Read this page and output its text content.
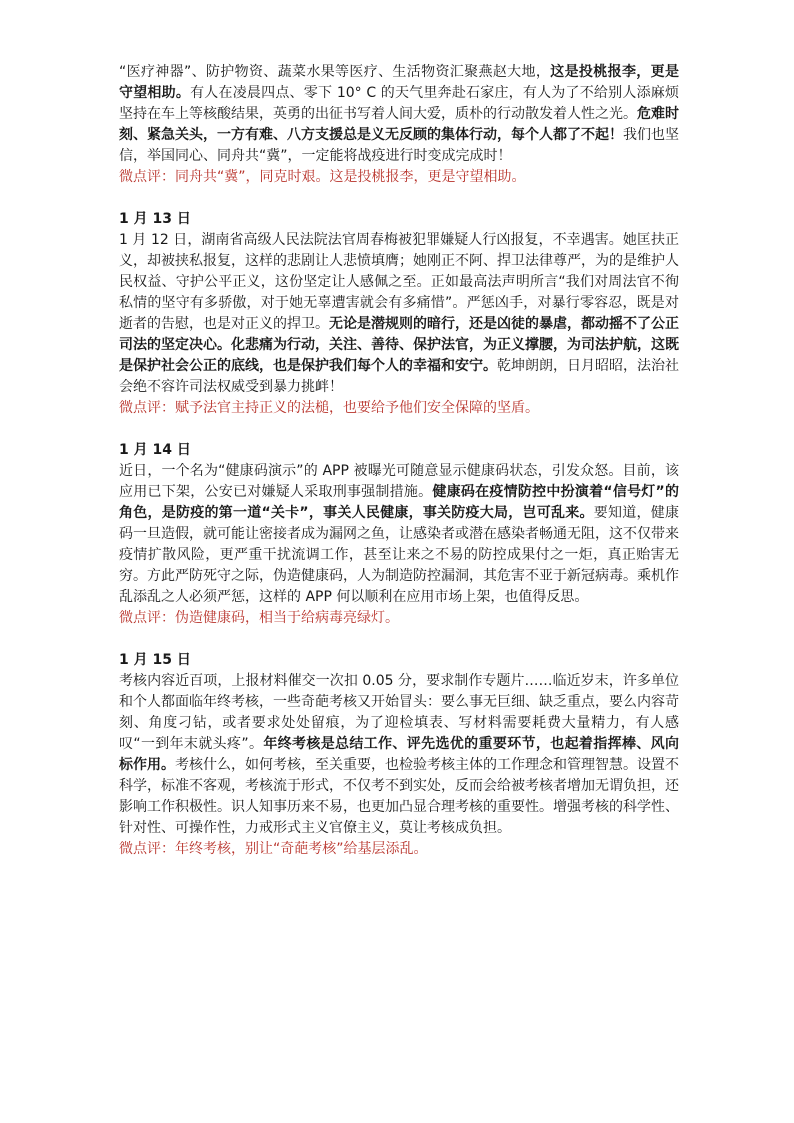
“医疗神器”、防护物资、蔬菜水果等医疗、生活物资汇聚燕赵大地，这是投桃报李，更是守望相助。有人在凌晨四点、零下 10° C 的天气里奔赴石家庄，有人为了不给别人添麻烦坚持在车上等核酸结果，英勇的出征书写着人间大爱，质朴的行动散发着人性之光。危难时刻、紧急关头，一方有难、八方支援总是义无反顾的集体行动，每个人都了不起！我们也坚信，举国同心、同舟共“冀”，一定能将战疫进行时变成完成时！

微点评：同舟共“冀”，同克时艰。这是投桃报李，更是守望相助。

1 月 13 日

1 月 12 日，湖南省高级人民法院法官周春梅被犯罪嫌疑人行凶报复，不幸遇害。她匡扶正义，却被挟私报复，这样的悲剧让人悲愤填膺；她刚正不阿、捍卫法律尊严，为的是维护人民权益、守护公平正义，这份坚定让人感佩之至。正如最高法声明所言“我们对周法官不徇私情的坚守有多骄傲，对于她无辜遭害就会有多痛惜”。严惩凶手，对暴行零容忍，既是对逝者的告慰，也是对正义的捍卫。无论是潜规则的暗行，还是凶徒的暴虐，都动摇不了公正司法的坚定决心。化悲痛为行动，关注、善待、保护法官，为正义撑腰，为司法护航，这既是保护社会公正的底线，也是保护我们每个人的幸福和安宁。乾坤朗朗，日月昭昭，法治社会绝不容许司法权威受到暴力挑衅！

微点评：赋予法官主持正义的法槌，也要给予他们安全保障的坚盾。

1 月 14 日

近日，一个名为“健康码演示”的 APP 被曝光可随意显示健康码状态，引发众怒。目前，该应用已下架，公安已对嫌疑人采取刑事强制措施。健康码在疫情防控中扮演着“信号灯”的角色，是防疫的第一道“关卡”，事关人民健康，事关防疫大局，岂可乱来。要知道，健康码一旦造假，就可能让密接者成为漏网之鱼，让感染者或潜在感染者畅通无阻，这不仅带来疫情扩散风险，更严重干扰流调工作，甚至让来之不易的防控成果付之一炬，真正贻害无穷。方此严防死守之际，伪造健康码，人为制造防控漏洞，其危害不亚于新冠病毒。乘机作乱添乱之人必须严惩，这样的 APP 何以顺利在应用市场上架，也值得反思。

微点评：伪造健康码，相当于给病毒亮绿灯。

1 月 15 日

考核内容近百项，上报材料催交一次扣 0.05 分，要求制作专题片……临近岁末，许多单位和个人都面临年终考核，一些奇葩考核又开始冒头：要么事无巨细、缺乏重点，要么内容苛刻、角度刁钻，或者要求处处留痕，为了迎检填表、写材料需要耗费大量精力，有人感叹“一到年末就头疼”。年终考核是总结工作、评先选优的重要环节，也起着指挥棒、风向标作用。考核什么，如何考核，至关重要，也检验考核主体的工作理念和管理智慧。设置不科学，标准不客观，考核流于形式，不仅考不到实处，反而会给被考核者增加无谓负担，还影响工作积极性。识人知事历来不易，也更加凸显合理考核的重要性。增强考核的科学性、针对性、可操作性，力戒形式主义官僚主义，莫让考核成负担。

微点评：年终考核，别让“奇葩考核”给基层添乱。
